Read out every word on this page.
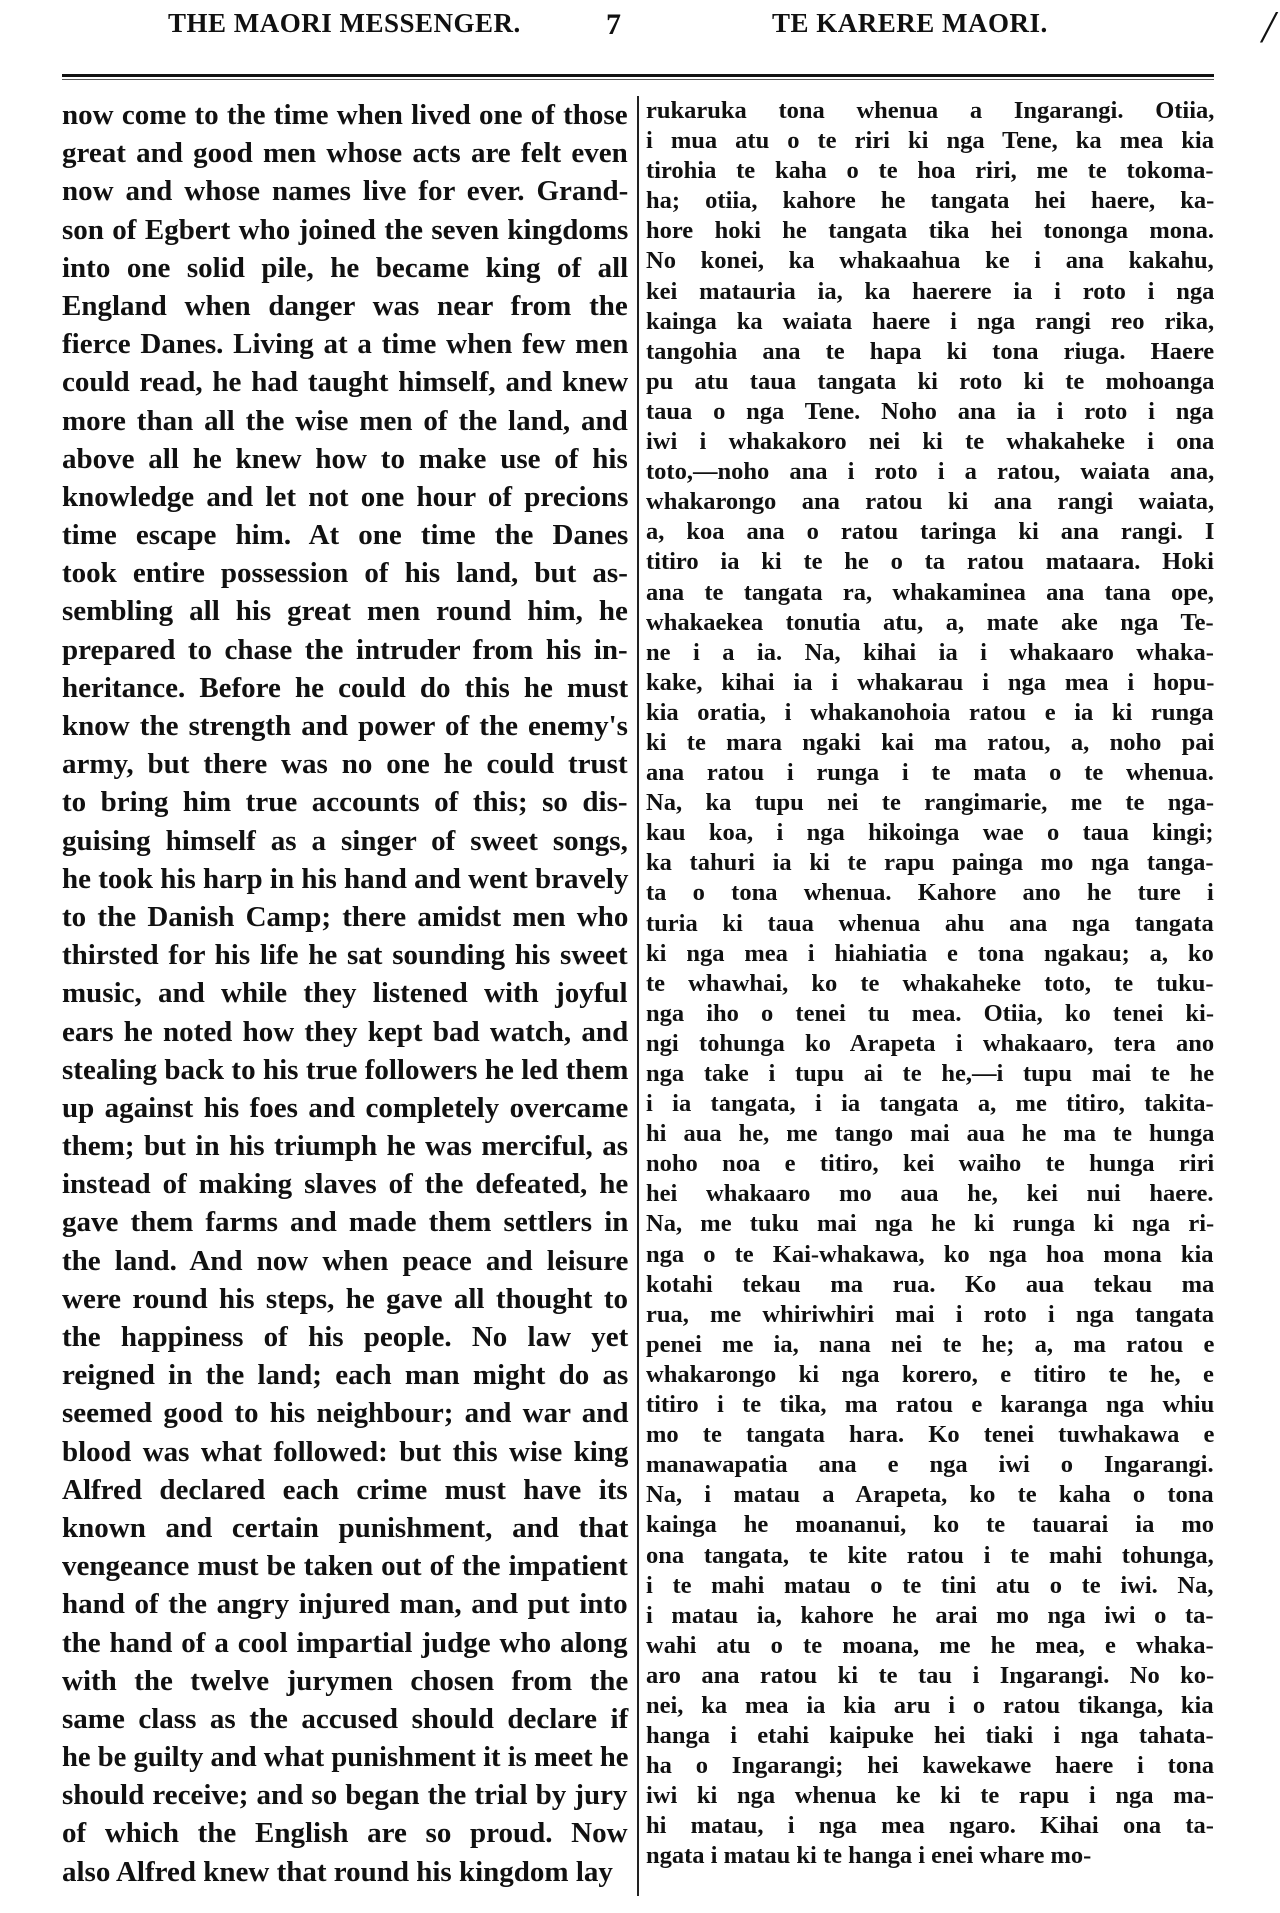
THE MAORI MESSENGER.	7	TE KARERE MAORI.	/
now come to the time when lived one of those
great and good men whose acts are felt even
now and whose names live for ever. Grand-
son of Egbert who joined the seven kingdoms
into one solid pile, he became king of all
England when danger was near from the
fierce Danes. Living at a time when few men
could read, he had taught himself, and knew
more than all the wise men of the land, and
above all he knew how to make use of his
knowledge and let not one hour of precions
time escape him. At one time the Danes
took entire possession of his land, but as-
sembling all his great men round him, he
prepared to chase the intruder from his in-
heritance. Before he could do this he must
know the strength and power of the enemy's
army, but there was no one he could trust
to bring him true accounts of this; so dis-
guising himself as a singer of sweet songs,
he took his harp in his hand and went bravely
to the Danish Camp; there amidst men who
thirsted for his life he sat sounding his sweet
music, and while they listened with joyful
ears he noted how they kept bad watch, and
stealing back to his true followers he led them
up against his foes and completely overcame
them; but in his triumph he was merciful, as
instead of making slaves of the defeated, he
gave them farms and made them settlers in
the land. And now when peace and leisure
were round his steps, he gave all thought to
the happiness of his people. No law yet
reigned in the land; each man might do as
seemed good to his neighbour; and war and
blood was what followed: but this wise king
Alfred declared each crime must have its
known and certain punishment, and that
vengeance must be taken out of the impatient
hand of the angry injured man, and put into
the hand of a cool impartial judge who along
with the twelve jurymen chosen from the
same class as the accused should declare if
he be guilty and what punishment it is meet he
should receive; and so began the trial by jury
of which the English are so proud. Now
also Alfred knew that round his kingdom lay
rukaruka tona whenua a Ingarangi. Otiia,
i mua atu o te riri ki nga Tene, ka mea kia
tirohia te kaha o te hoa riri, me te tokoma-
ha; otiia, kahore he tangata hei haere, ka-
hore hoki he tangata tika hei tononga mona.
No konei, ka whakaahua ke i ana kakahu,
kei matauria ia, ka haerere ia i roto i nga
kainga ka waiata haere i nga rangi reo rika,
tangohia ana te hapa ki tona riuga. Haere
pu atu taua tangata ki roto ki te mohoanga
taua o nga Tene. Noho ana ia i roto i nga
iwi i whakakoro nei ki te whakaheke i ona
toto,—noho ana i roto i a ratou, waiata ana,
whakarongo ana ratou ki ana rangi waiata,
a, koa ana o ratou taringa ki ana rangi. I
titiro ia ki te he o ta ratou mataara. Hoki
ana te tangata ra, whakaminea ana tana ope,
whakaekea tonutia atu, a, mate ake nga Te-
ne i a ia. Na, kihai ia i whakaaro whaka-
kake, kihai ia i whakarau i nga mea i hopu-
kia oratia, i whakanohoia ratou e ia ki runga
ki te mara ngaki kai ma ratou, a, noho pai
ana ratou i runga i te mata o te whenua.
Na, ka tupu nei te rangimarie, me te nga-
kau koa, i nga hikoinga wae o taua kingi;
ka tahuri ia ki te rapu painga mo nga tanga-
ta o tona whenua. Kahore ano he ture i
turia ki taua whenua ahu ana nga tangata
ki nga mea i hiahiatia e tona ngakau; a, ko
te whawhai, ko te whakaheke toto, te tuku-
nga iho o tenei tu mea. Otiia, ko tenei ki-
ngi tohunga ko Arapeta i whakaaro, tera ano
nga take i tupu ai te he,—i tupu mai te he
i ia tangata, i ia tangata a, me titiro, takita-
hi aua he, me tango mai aua he ma te hunga
noho noa e titiro, kei waiho te hunga riri
hei whakaaro mo aua he, kei nui haere.
Na, me tuku mai nga he ki runga ki nga ri-
nga o te Kai-whakawa, ko nga hoa mona kia
kotahi tekau ma rua. Ko aua tekau ma
rua, me whiriwhiri mai i roto i nga tangata
penei me ia, nana nei te he; a, ma ratou e
whakarongo ki nga korero, e titiro te he, e
titiro i te tika, ma ratou e karanga nga whiu
mo te tangata hara. Ko tenei tuwhakawa e
manawapatia ana e nga iwi o Ingarangi.
Na, i matau a Arapeta, ko te kaha o tona
kainga he moananui, ko te tauarai ia mo
ona tangata, te kite ratou i te mahi tohunga,
i te mahi matau o te tini atu o te iwi. Na,
i matau ia, kahore he arai mo nga iwi o ta-
wahi atu o te moana, me he mea, e whaka-
aro ana ratou ki te tau i Ingarangi. No ko-
nei, ka mea ia kia aru i o ratou tikanga, kia
hanga i etahi kaipuke hei tiaki i nga tahata-
ha o Ingarangi; hei kawekawe haere i tona
iwi ki nga whenua ke ki te rapu i nga ma-
hi matau, i nga mea ngaro. Kihai ona ta-
ngata i matau ki te hanga i enei whare mo-
